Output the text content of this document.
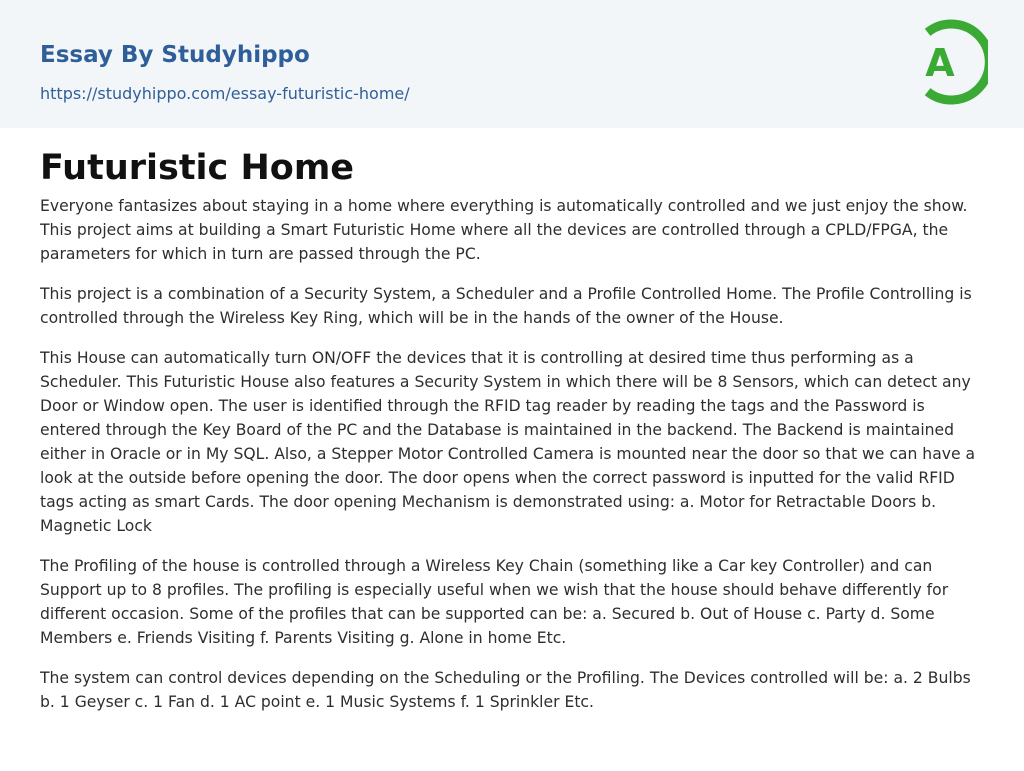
Essay By Studyhippo
https://studyhippo.com/essay-futuristic-home/
A
Futuristic Home

Everyone fantasizes about staying in a home where everything is automatically controlled and we just enjoy the show. This project aims at building a Smart Futuristic Home where all the devices are controlled through a CPLD/FPGA, the parameters for which in turn are passed through the PC.

This project is a combination of a Security System, a Scheduler and a Profile Controlled Home. The Profile Controlling is controlled through the Wireless Key Ring, which will be in the hands of the owner of the House.

This House can automatically turn ON/OFF the devices that it is controlling at desired time thus performing as a Scheduler. This Futuristic House also features a Security System in which there will be 8 Sensors, which can detect any Door or Window open. The user is identified through the RFID tag reader by reading the tags and the Password is entered through the Key Board of the PC and the Database is maintained in the backend. The Backend is maintained either in Oracle or in My SQL. Also, a Stepper Motor Controlled Camera is mounted near the door so that we can have a look at the outside before opening the door. The door opens when the correct password is inputted for the valid RFID tags acting as smart Cards. The door opening Mechanism is demonstrated using: a. Motor for Retractable Doors b. Magnetic Lock

The Profiling of the house is controlled through a Wireless Key Chain (something like a Car key Controller) and can Support up to 8 profiles. The profiling is especially useful when we wish that the house should behave differently for different occasion. Some of the profiles that can be supported can be: a. Secured b. Out of House c. Party d. Some Members e. Friends Visiting f. Parents Visiting g. Alone in home Etc.

The system can control devices depending on the Scheduling or the Profiling. The Devices controlled will be: a. 2 Bulbs b. 1 Geyser c. 1 Fan d. 1 AC point e. 1 Music Systems f. 1 Sprinkler Etc.
